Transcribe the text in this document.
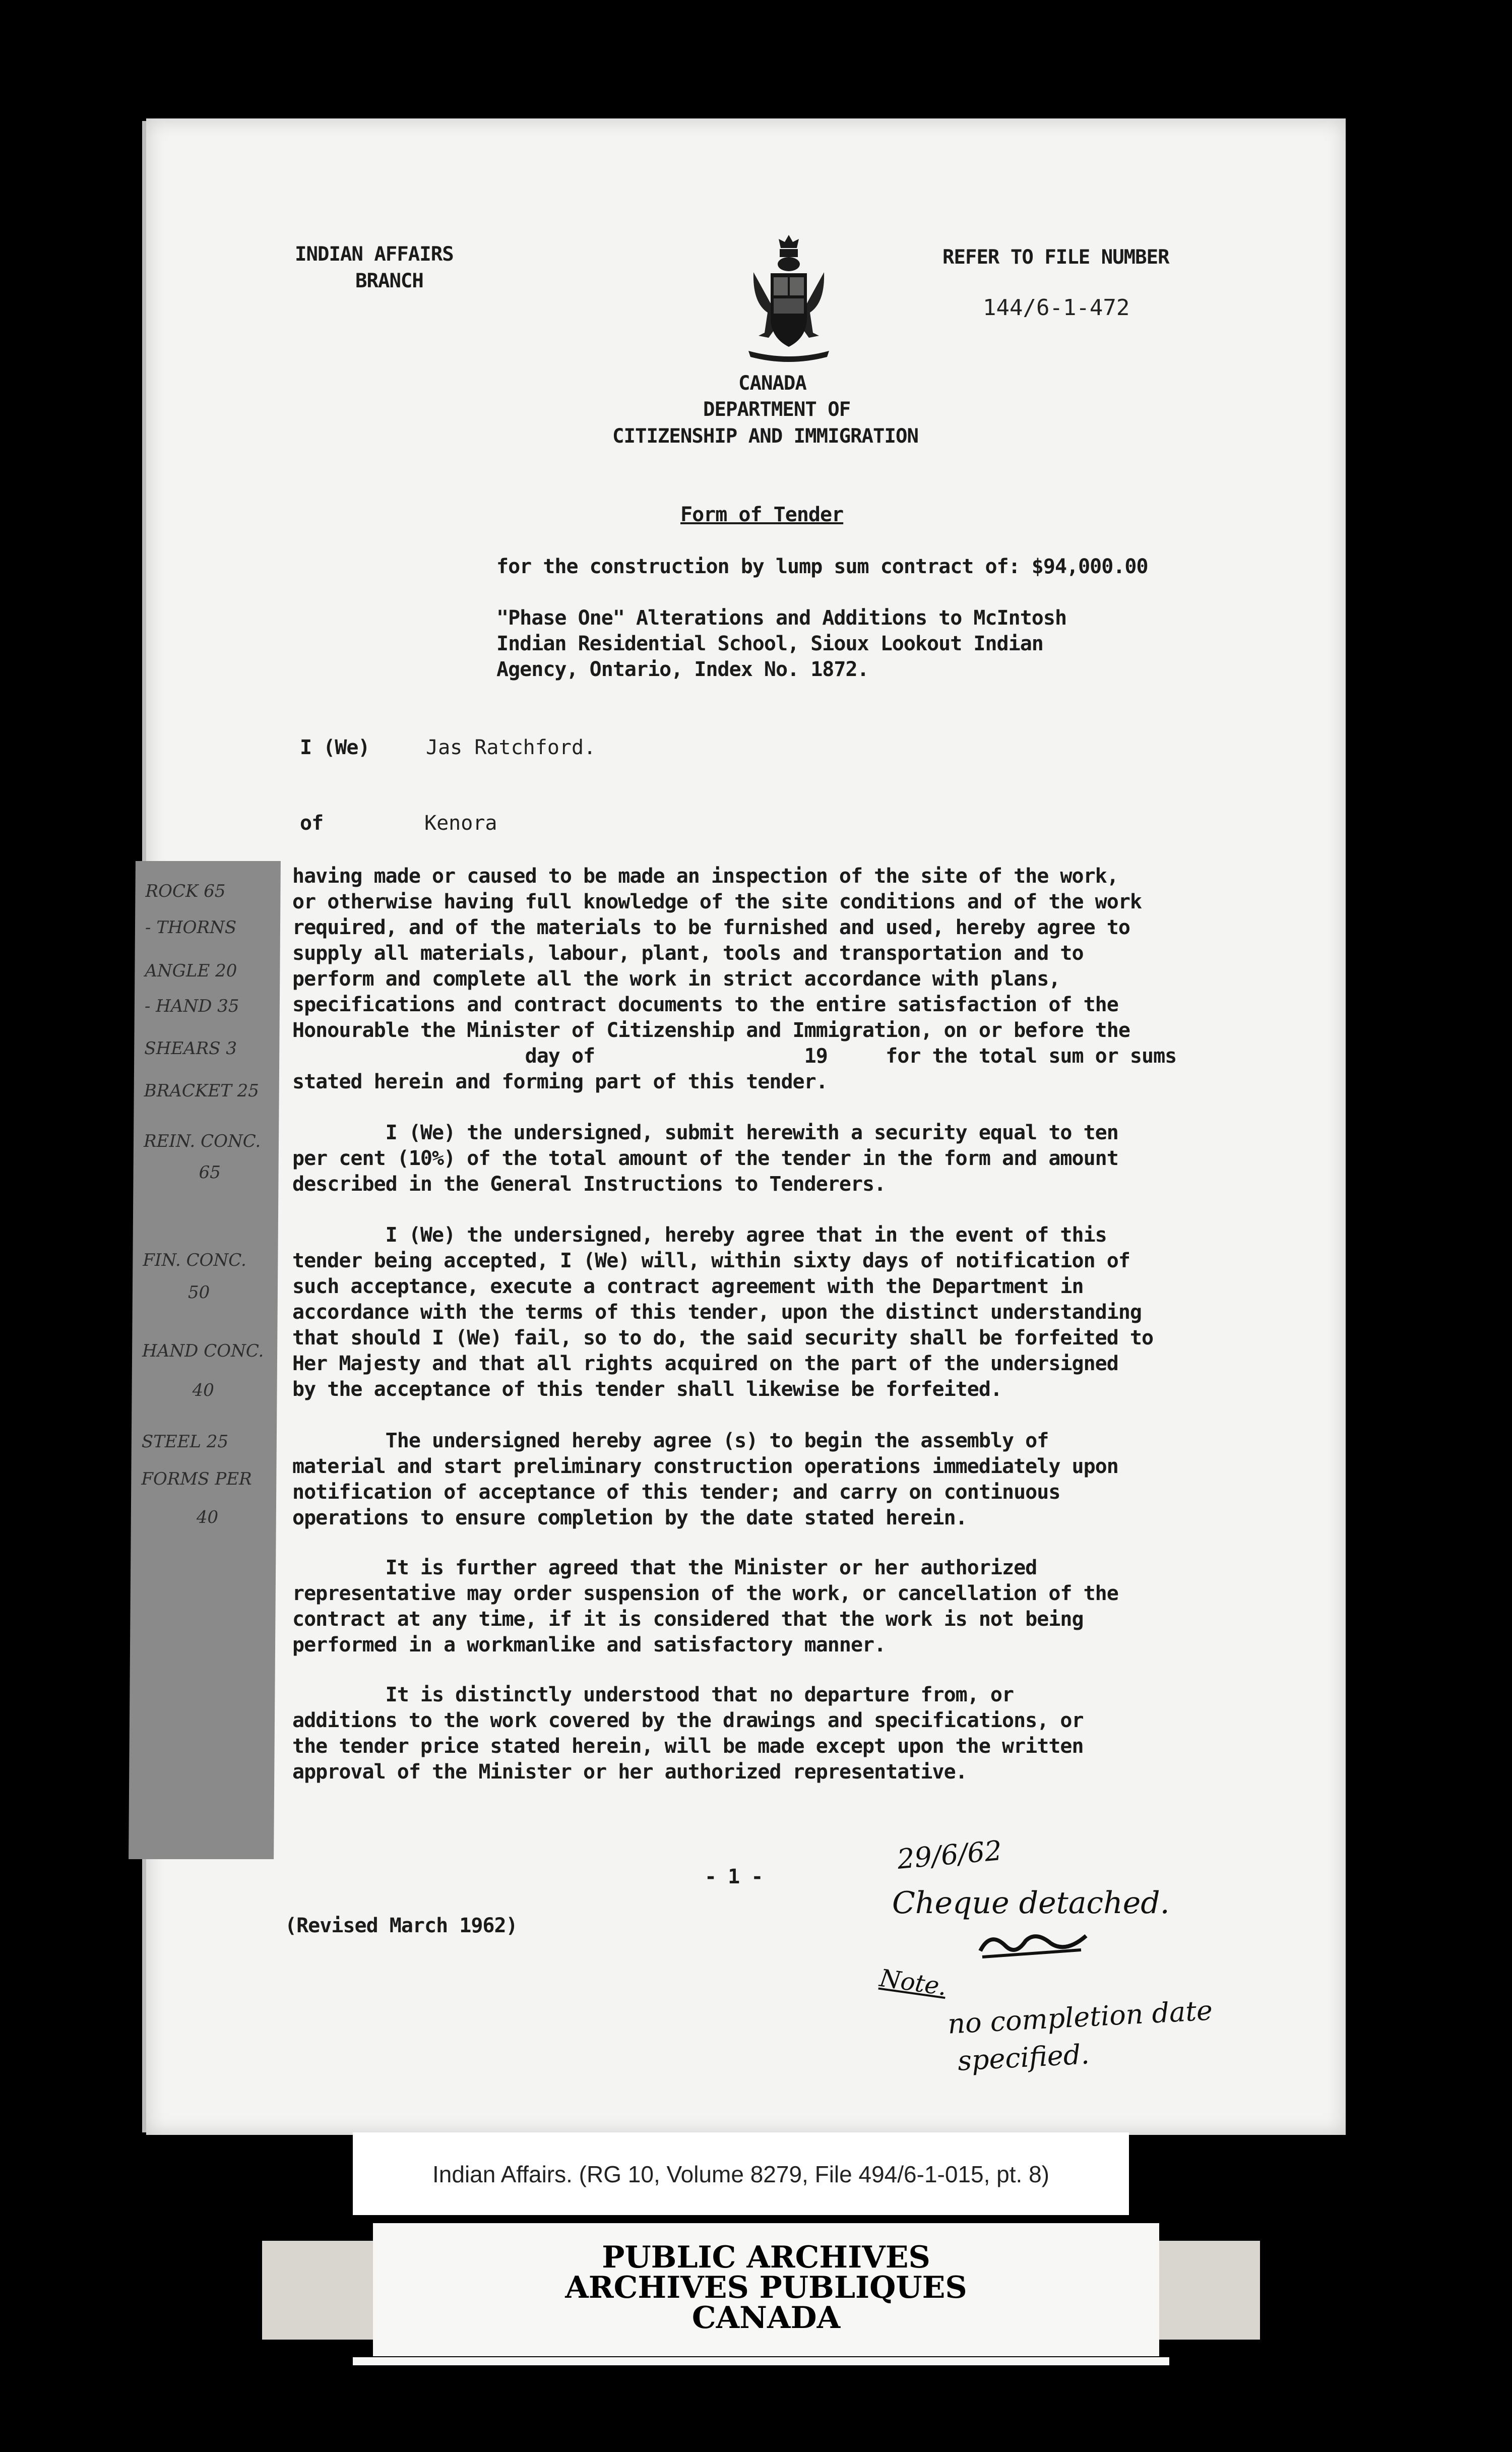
INDIAN AFFAIRS
BRANCH
REFER TO FILE NUMBER
144/6-1-472
CANADA
DEPARTMENT OF
CITIZENSHIP AND IMMIGRATION
Form of Tender
for the construction by lump sum contract of: $94,000.00
"Phase One" Alterations and Additions to McIntosh
Indian Residential School, Sioux Lookout Indian
Agency, Ontario, Index No. 1872.
I (We)	Jas Ratchford.
of	Kenora
having made or caused to be made an inspection of the site of the work,
or otherwise having full knowledge of the site conditions and of the work
required, and of the materials to be furnished and used, hereby agree to
supply all materials, labour, plant, tools and transportation and to
perform and complete all the work in strict accordance with plans,
specifications and contract documents to the entire satisfaction of the
Honourable the Minister of Citizenship and Immigration, on or before the
day of                  19     for the total sum or sums
stated herein and forming part of this tender.
I (We) the undersigned, submit herewith a security equal to ten
per cent (10%) of the total amount of the tender in the form and amount
described in the General Instructions to Tenderers.
I (We) the undersigned, hereby agree that in the event of this
tender being accepted, I (We) will, within sixty days of notification of
such acceptance, execute a contract agreement with the Department in
accordance with the terms of this tender, upon the distinct understanding
that should I (We) fail, so to do, the said security shall be forfeited to
Her Majesty and that all rights acquired on the part of the undersigned
by the acceptance of this tender shall likewise be forfeited.
The undersigned hereby agree (s) to begin the assembly of
material and start preliminary construction operations immediately upon
notification of acceptance of this tender; and carry on continuous
operations to ensure completion by the date stated herein.
It is further agreed that the Minister or her authorized
representative may order suspension of the work, or cancellation of the
contract at any time, if it is considered that the work is not being
performed in a workmanlike and satisfactory manner.
It is distinctly understood that no departure from, or
additions to the work covered by the drawings and specifications, or
the tender price stated herein, will be made except upon the written
approval of the Minister or her authorized representative.
ROCK 65
- THORNS
ANGLE 20
- HAND 35
SHEARS 3
BRACKET 25
REIN. CONC.
65
FIN. CONC.
50
HAND CONC.
40
STEEL 25
FORMS PER
40
- 1 -
(Revised March 1962)
29/6/62
Cheque detached.
Note.
no completion date
specified.
Indian Affairs. (RG 10, Volume 8279, File 494/6-1-015, pt. 8)
PUBLIC ARCHIVES
ARCHIVES PUBLIQUES
CANADA
